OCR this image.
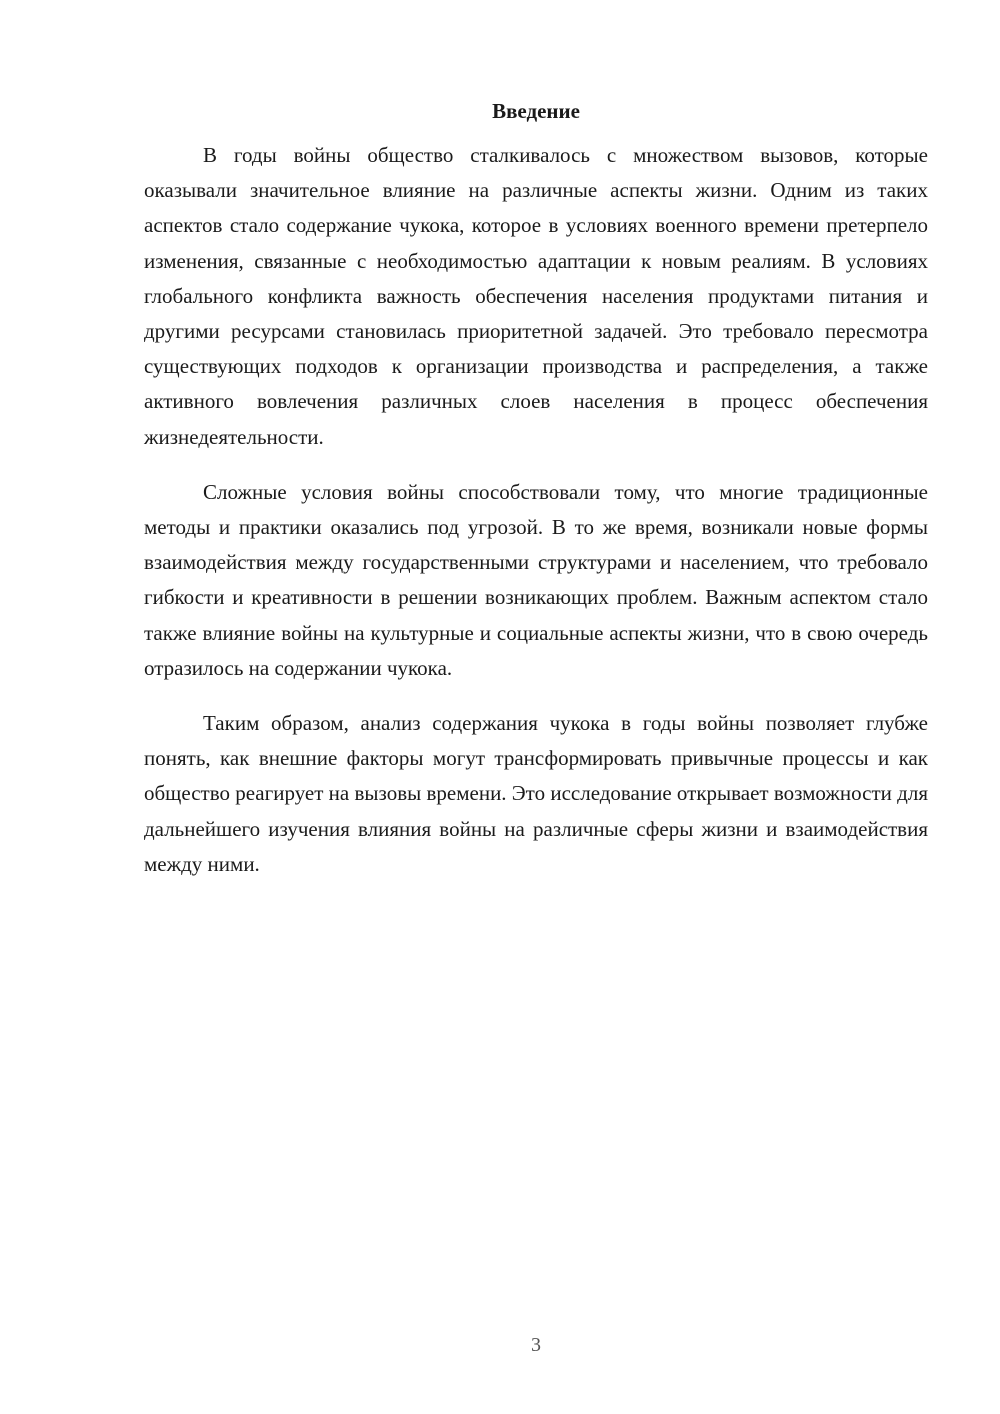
Введение

В годы войны общество сталкивалось с множеством вызовов, которые оказывали значительное влияние на различные аспекты жизни. Одним из таких аспектов стало содержание чукока, которое в условиях военного времени претерпело изменения, связанные с необходимостью адаптации к новым реалиям. В условиях глобального конфликта важность обеспечения населения продуктами питания и другими ресурсами становилась приоритетной задачей. Это требовало пересмотра существующих подходов к организации производства и распределения, а также активного вовлечения различных слоев населения в процесс обеспечения жизнедеятельности.

Сложные условия войны способствовали тому, что многие традиционные методы и практики оказались под угрозой. В то же время, возникали новые формы взаимодействия между государственными структурами и населением, что требовало гибкости и креативности в решении возникающих проблем. Важным аспектом стало также влияние войны на культурные и социальные аспекты жизни, что в свою очередь отразилось на содержании чукока.

Таким образом, анализ содержания чукока в годы войны позволяет глубже понять, как внешние факторы могут трансформировать привычные процессы и как общество реагирует на вызовы времени. Это исследование открывает возможности для дальнейшего изучения влияния войны на различные сферы жизни и взаимодействия между ними.

3
